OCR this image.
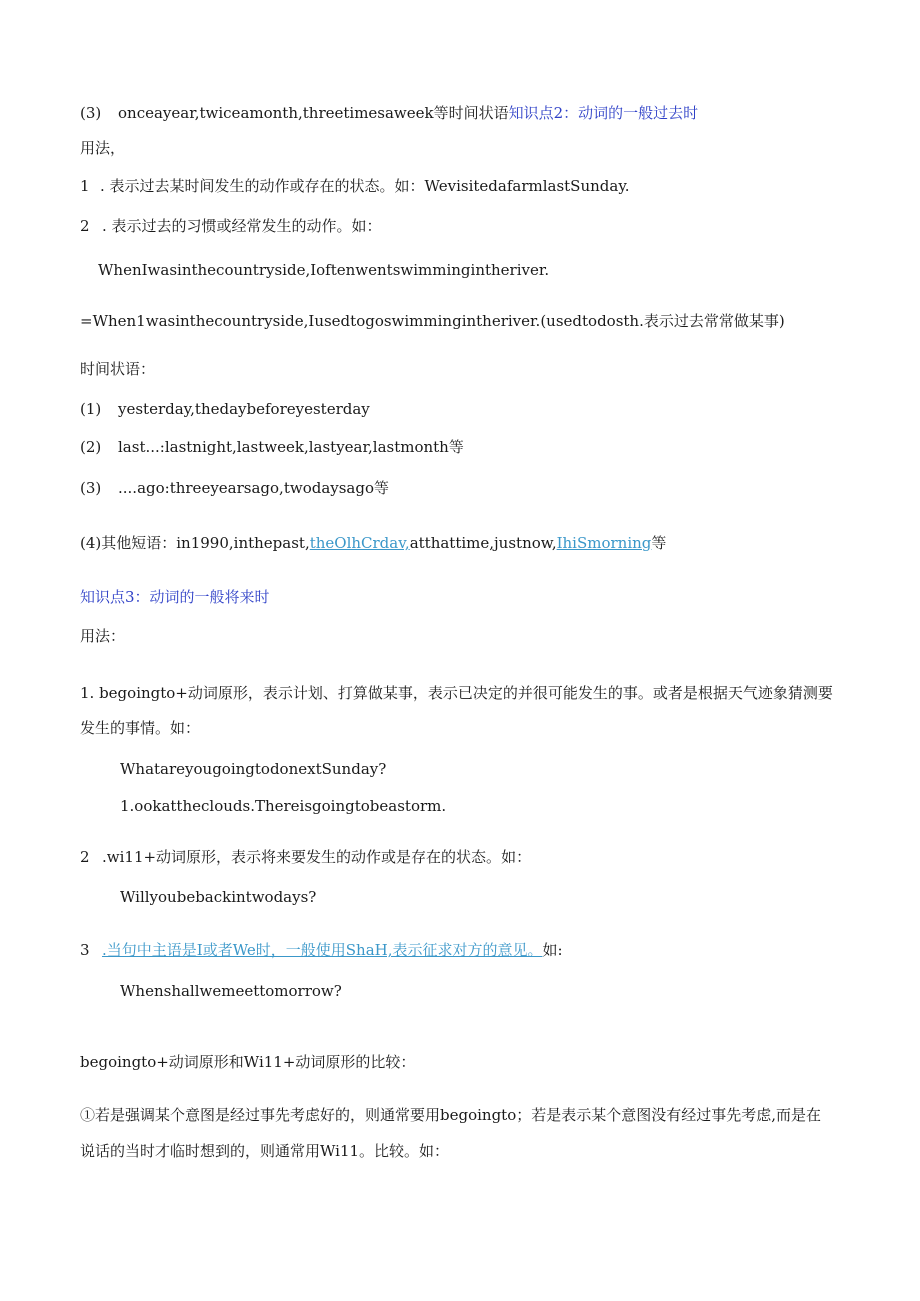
(3) onceayear,twiceamonth,threetimesaweek等时间状语知识点2：动词的一般过去时
用法，
1 . 表示过去某时间发生的动作或存在的状态。如：WevisitedafarmlastSunday.
2 . 表示过去的习惯或经常发生的动作。如：
WhenIwasinthecountryside,Ioftenwentswimmingintheriver.
=When1wasinthecountryside,Iusedtogoswimmingintheriver.(usedtodosth.表示过去常常做某事)
时间状语：
(1) yesterday,thedaybeforeyesterday
(2) last...:lastnight,lastweek,lastyear,lastmonth等
(3) ....ago:threeyearsago,twodaysago等
(4)其他短语：in1990,inthepast,theOlhCrdav,atthattime,justnow,IhiSmorning等
知识点3：动词的一般将来时
用法：
1. begoingto+动词原形，表示计划、打算做某事，表示已决定的并很可能发生的事。或者是根据天气迹象猜测要
发生的事情。如：
WhatareyougoingtodonextSunday?
1.ookattheclouds.Thereisgoingtobeastorm.
2 .wi11+动词原形，表示将来要发生的动作或是存在的状态。如：
Willyoubebackintwodays?
3 .当句中主语是I或者We时，一般使用ShaH,表示征求对方的意见。如:
Whenshallwemeettomorrow?
begoingto+动词原形和Wi11+动词原形的比较：
①若是强调某个意图是经过事先考虑好的，则通常要用begoingto；若是表示某个意图没有经过事先考虑,而是在
说话的当时才临时想到的，则通常用Wi11。比较。如：
